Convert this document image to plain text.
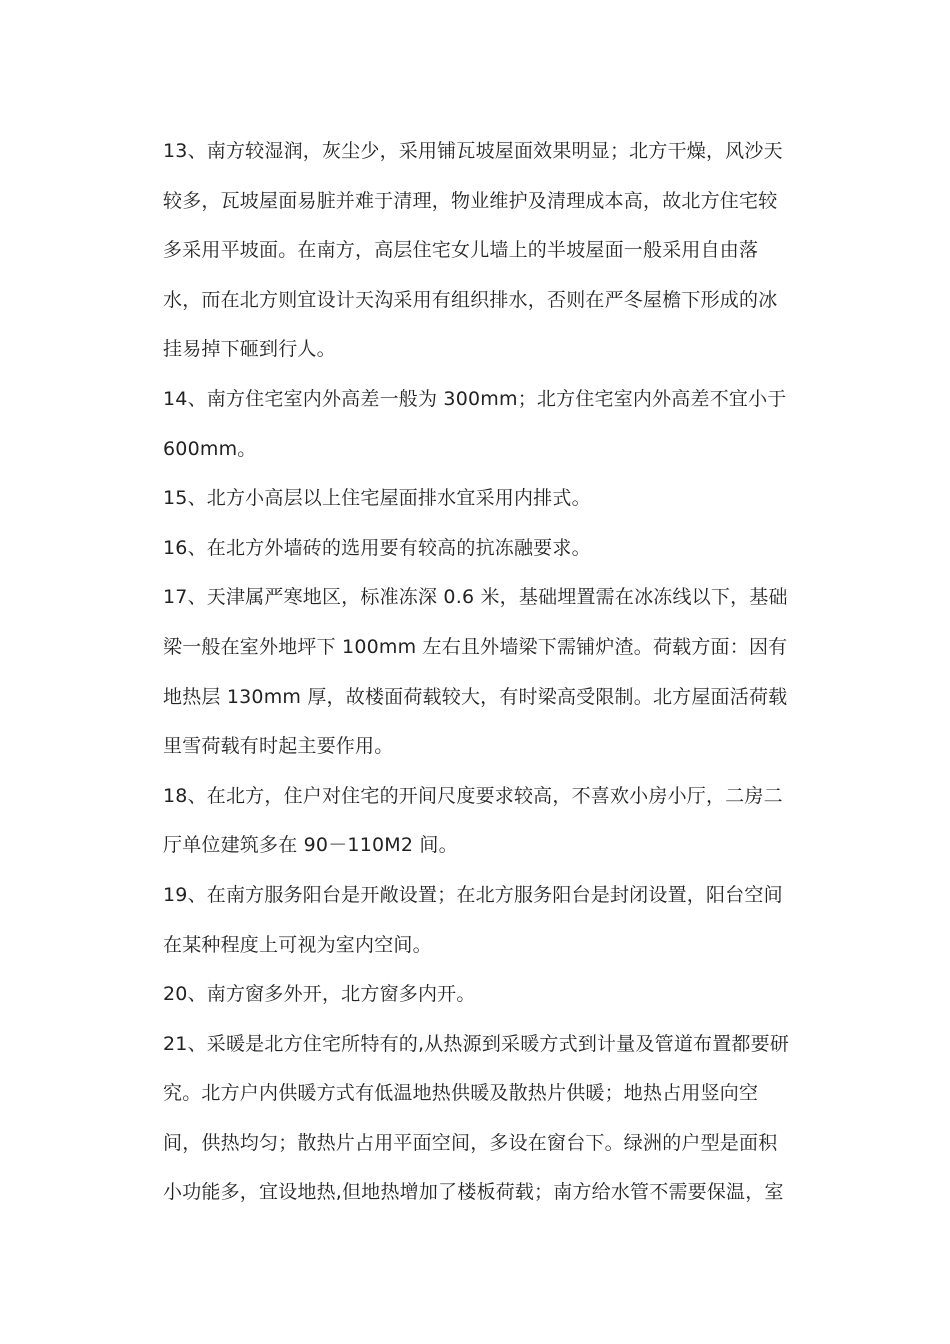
13、南方较湿润，灰尘少，采用铺瓦坡屋面效果明显；北方干燥，风沙天
较多，瓦坡屋面易脏并难于清理，物业维护及清理成本高，故北方住宅较
多采用平坡面。在南方，高层住宅女儿墙上的半坡屋面一般采用自由落
水，而在北方则宜设计天沟采用有组织排水，否则在严冬屋檐下形成的冰
挂易掉下砸到行人。
14、南方住宅室内外高差一般为 300mm；北方住宅室内外高差不宜小于
600mm。
15、北方小高层以上住宅屋面排水宜采用内排式。
16、在北方外墙砖的选用要有较高的抗冻融要求。
17、天津属严寒地区，标准冻深 0.6 米，基础埋置需在冰冻线以下，基础
梁一般在室外地坪下 100mm 左右且外墙梁下需铺炉渣。荷载方面：因有
地热层 130mm 厚，故楼面荷载较大，有时梁高受限制。北方屋面活荷载
里雪荷载有时起主要作用。
18、在北方，住户对住宅的开间尺度要求较高，不喜欢小房小厅，二房二
厅单位建筑多在 90－110M2 间。
19、在南方服务阳台是开敞设置；在北方服务阳台是封闭设置，阳台空间
在某种程度上可视为室内空间。
20、南方窗多外开，北方窗多内开。
21、采暖是北方住宅所特有的,从热源到采暖方式到计量及管道布置都要研
究。北方户内供暖方式有低温地热供暖及散热片供暖；地热占用竖向空
间，供热均匀；散热片占用平面空间，多设在窗台下。绿洲的户型是面积
小功能多，宜设地热,但地热增加了楼板荷载；南方给水管不需要保温，室
